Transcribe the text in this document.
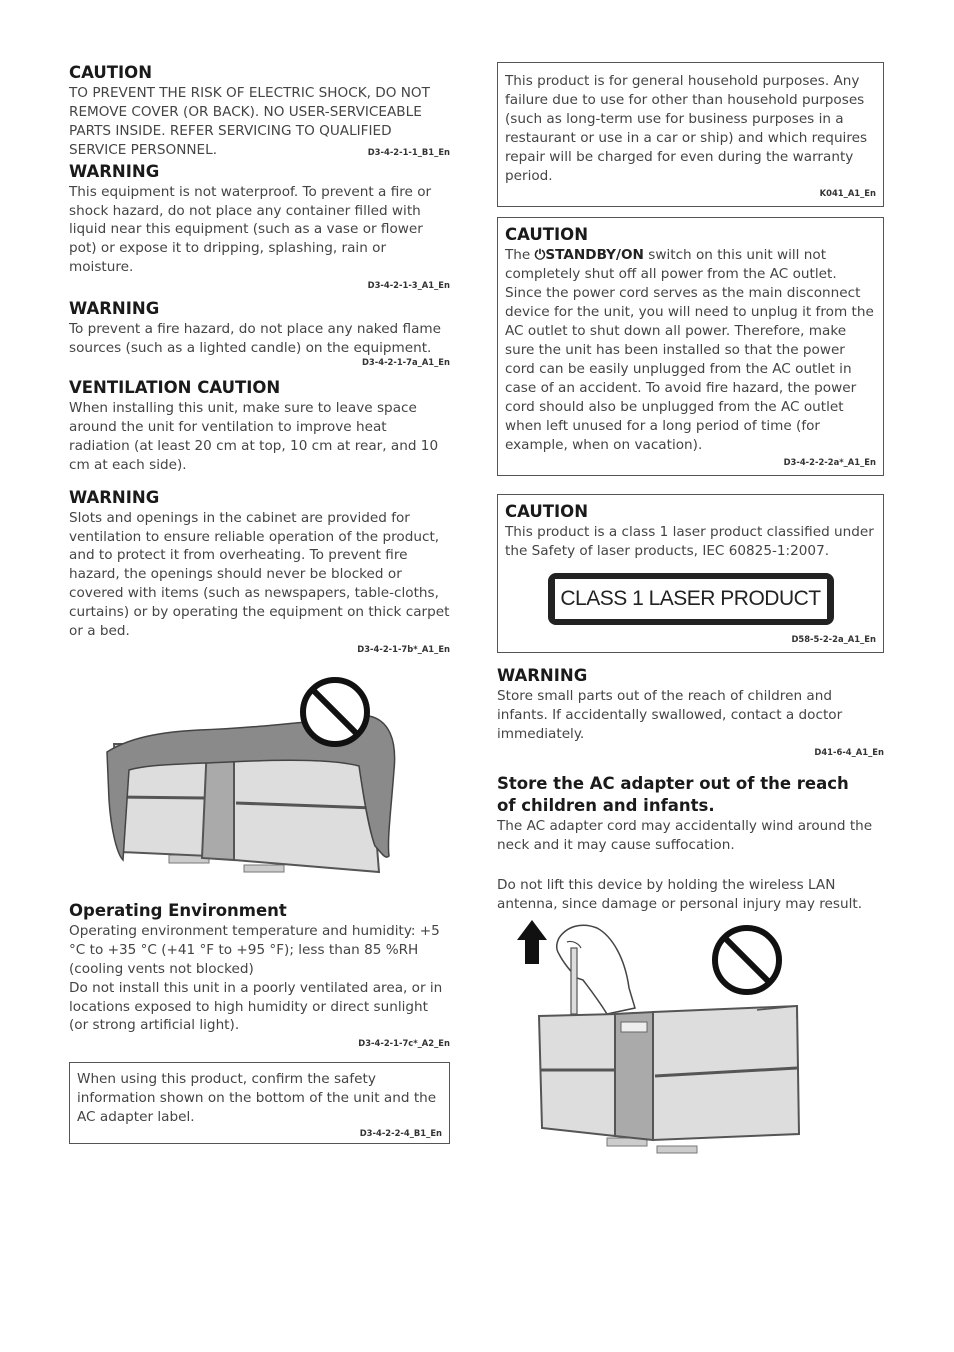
CAUTION

TO PREVENT THE RISK OF ELECTRIC SHOCK, DO NOT REMOVE COVER (OR BACK). NO USER-SERVICEABLE PARTS INSIDE. REFER SERVICING TO QUALIFIED SERVICE PERSONNEL.	D3-4-2-1-1_B1_En
WARNING

This equipment is not waterproof. To prevent a fire or shock hazard, do not place any container filled with liquid near this equipment (such as a vase or flower pot) or expose it to dripping, splashing, rain or moisture.

D3-4-2-1-3_A1_En
WARNING

To prevent a fire hazard, do not place any naked flame sources (such as a lighted candle) on the equipment.

D3-4-2-1-7a_A1_En
VENTILATION CAUTION

When installing this unit, make sure to leave space around the unit for ventilation to improve heat radiation (at least 20 cm at top, 10 cm at rear, and 10 cm at each side).

WARNING

Slots and openings in the cabinet are provided for ventilation to ensure reliable operation of the product, and to protect it from overheating. To prevent fire hazard, the openings should never be blocked or covered with items (such as newspapers, table-cloths, curtains) or by operating the equipment on thick carpet or a bed.

D3-4-2-1-7b*_A1_En
Operating Environment

Operating environment temperature and humidity: +5 °C to +35 °C (+41 °F to +95 °F); less than 85 %RH (cooling vents not blocked)

Do not install this unit in a poorly ventilated area, or in locations exposed to high humidity or direct sunlight (or strong artificial light).

D3-4-2-1-7c*_A2_En

When using this product, confirm the safety information shown on the bottom of the unit and the AC adapter label.

D3-4-2-2-4_B1_En

This product is for general household purposes. Any failure due to use for other than household purposes (such as long-term use for business purposes in a restaurant or use in a car or ship) and which requires repair will be charged for even during the warranty period.

K041_A1_En
CAUTION

The ⏻STANDBY/ON switch on this unit will not completely shut off all power from the AC outlet. Since the power cord serves as the main disconnect device for the unit, you will need to unplug it from the AC outlet to shut down all power. Therefore, make sure the unit has been installed so that the power cord can be easily unplugged from the AC outlet in case of an accident. To avoid fire hazard, the power cord should also be unplugged from the AC outlet when left unused for a long period of time (for example, when on vacation).

D3-4-2-2-2a*_A1_En
CAUTION

This product is a class 1 laser product classified under the Safety of laser products, IEC 60825-1:2007.

CLASS 1 LASER PRODUCT
D58-5-2-2a_A1_En
WARNING

Store small parts out of the reach of children and infants. If accidentally swallowed, contact a doctor immediately.

D41-6-4_A1_En
Store the AC adapter out of the reach of children and infants.

The AC adapter cord may accidentally wind around the neck and it may cause suffocation.

Do not lift this device by holding the wireless LAN antenna, since damage or personal injury may result.
